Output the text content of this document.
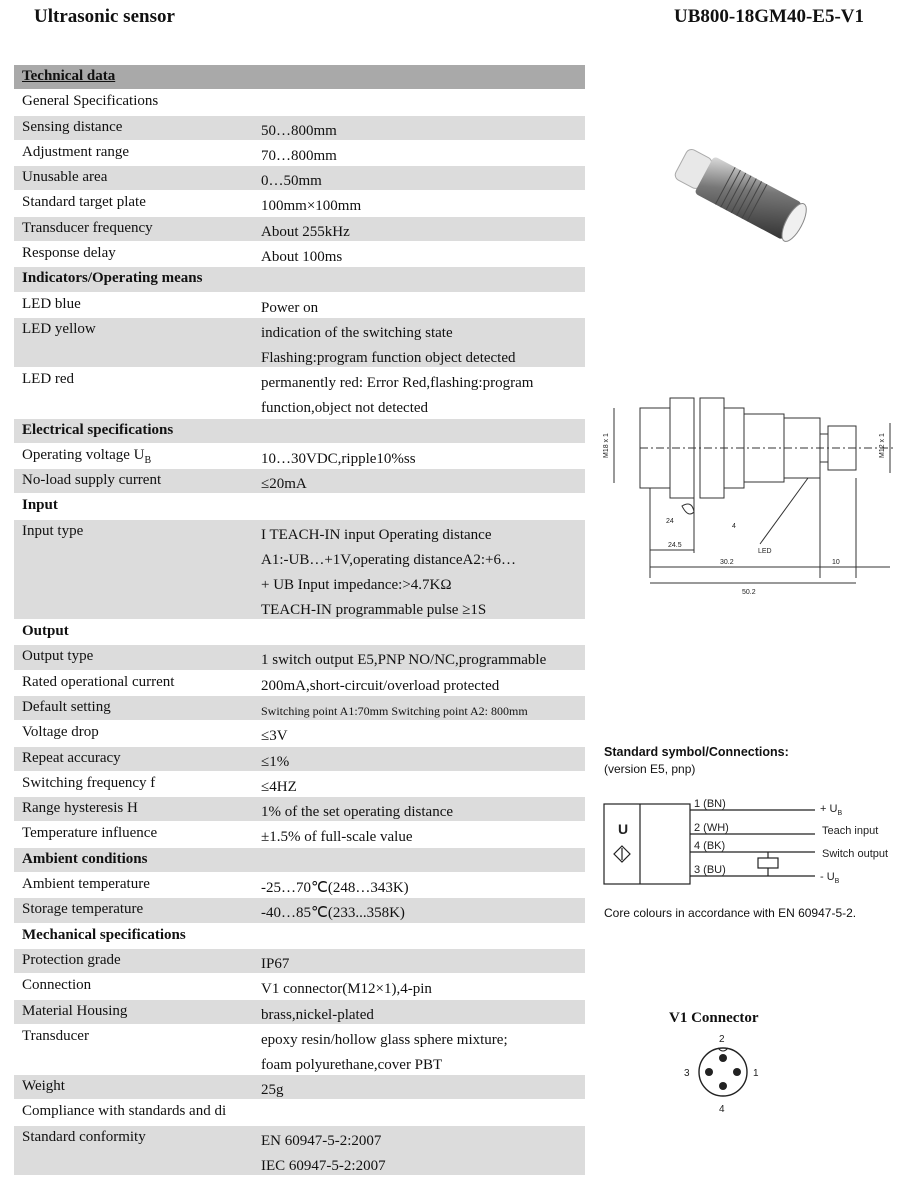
Ultrasonic sensor	UB800-18GM40-E5-V1
Technical data
General Specifications
Sensing distance	50…800mm
Adjustment range	70…800mm
Unusable area	0…50mm
Standard target plate	100mm×100mm
Transducer frequency	About 255kHz
Response delay	About 100ms
Indicators/Operating means
LED blue	Power on
LED yellow	indication of the switching state
Flashing:program function object detected
LED red	permanently red: Error Red,flashing:program
function,object not detected
Electrical specifications
Operating voltage $U_B$	10…30VDC,ripple10%ss
No-load supply current	≤20mA
Input
Input type	I TEACH-IN input Operating distance
A1:-UB…+1V,operating distanceA2:+6…
+ UB Input impedance:>4.7KΩ
TEACH-IN programmable pulse ≥1S
Output
Output type	1 switch output E5,PNP NO/NC,programmable
Rated operational current	200mA,short-circuit/overload protected
Default setting	Switching point A1:70mm Switching point A2: 800mm
Voltage drop	≤3V
Repeat accuracy	≤1%
Switching frequency f	≤4HZ
Range hysteresis H	1% of the set operating distance
Temperature influence	±1.5% of full-scale value
Ambient conditions
Ambient temperature	-25…70℃(248…343K)
Storage temperature	-40…85℃(233...358K)
Mechanical specifications
Protection grade	IP67
Connection	V1 connector(M12×1),4-pin
Material Housing	brass,nickel-plated
Transducer	epoxy resin/hollow glass sphere mixture;
foam polyurethane,cover PBT
Weight	25g
Compliance with standards and di
Standard conformity	EN 60947-5-2:2007
IEC 60947-5-2:2007
M18 x 1	M12 x 1
24
4
24.5
LED
30.2	10
50.2
Standard symbol/Connections:
(version E5, pnp)
U
1 (BN)
2 (WH)
4 (BK)
3 (BU)
+ $U_B$
Teach input
Switch output
- $U_B$
Core colours in accordance with EN 60947-5-2.
V1 Connector
1
2
3
4
